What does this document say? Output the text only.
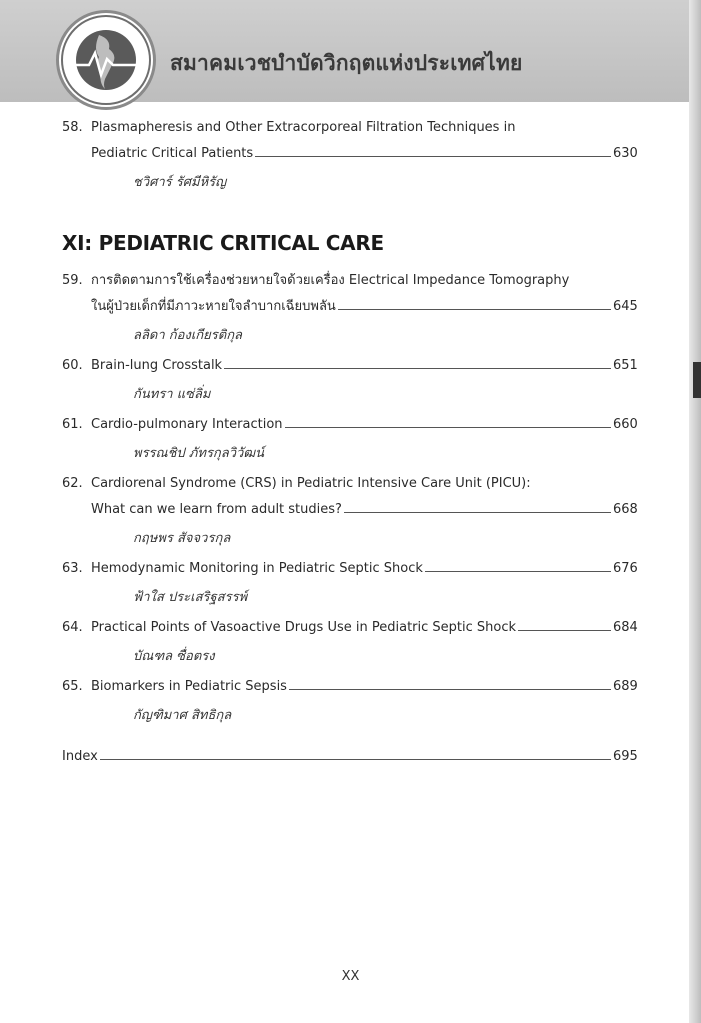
สมาคมเวชบำบัดวิกฤตแห่งประเทศไทย
58. Plasmapheresis and Other Extracorporeal Filtration Techniques in
Pediatric Critical Patients	630
ชวิศาร์ รัศมีหิรัญ
XI: PEDIATRIC CRITICAL CARE
59. การติดตามการใช้เครื่องช่วยหายใจด้วยเครื่อง Electrical Impedance Tomography
ในผู้ป่วยเด็กที่มีภาวะหายใจลำบากเฉียบพลัน	645
ลลิดา ก้องเกียรติกุล
60. Brain-lung Crosstalk	651
กันทรา แซ่ลิ่ม
61. Cardio-pulmonary Interaction	660
พรรณชิป ภัทรกุลวิวัฒน์
62. Cardiorenal Syndrome (CRS) in Pediatric Intensive Care Unit (PICU):
What can we learn from adult studies?	668
กฤษพร สัจจวรกุล
63. Hemodynamic Monitoring in Pediatric Septic Shock	676
ฟ้าใส ประเสริฐสรรพ์
64. Practical Points of Vasoactive Drugs Use in Pediatric Septic Shock	684
บัณฑล ซื่อตรง
65. Biomarkers in Pediatric Sepsis	689
กัญฑิมาศ สิทธิกุล
Index	695
XX
